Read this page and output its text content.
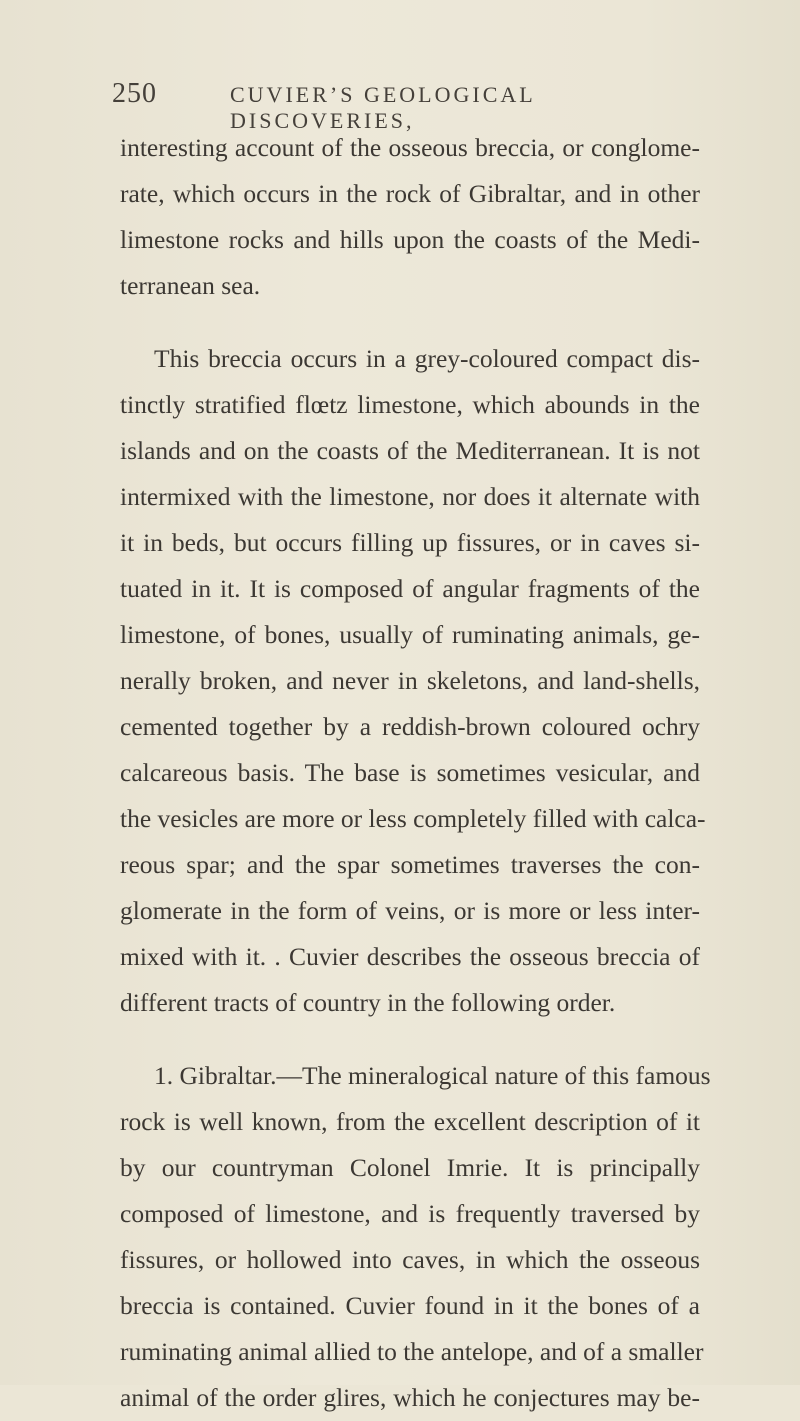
250	CUVIER’S GEOLOGICAL DISCOVERIES,
interesting account of the osseous breccia, or conglome-
rate, which occurs in the rock of Gibraltar, and in other
limestone rocks and hills upon the coasts of the Medi-
terranean sea.
This breccia occurs in a grey-coloured compact dis-
tinctly stratified flœtz limestone, which abounds in the
islands and on the coasts of the Mediterranean. It is not
intermixed with the limestone, nor does it alternate with
it in beds, but occurs filling up fissures, or in caves si-
tuated in it. It is composed of angular fragments of the
limestone, of bones, usually of ruminating animals, ge-
nerally broken, and never in skeletons, and land-shells,
cemented together by a reddish-brown coloured ochry
calcareous basis. The base is sometimes vesicular, and
the vesicles are more or less completely filled with calca-
reous spar; and the spar sometimes traverses the con-
glomerate in the form of veins, or is more or less inter-
mixed with it. . Cuvier describes the osseous breccia of
different tracts of country in the following order.
1. Gibraltar.—The mineralogical nature of this famous
rock is well known, from the excellent description of it
by our countryman Colonel Imrie. It is principally
composed of limestone, and is frequently traversed by
fissures, or hollowed into caves, in which the osseous
breccia is contained. Cuvier found in it the bones of a
ruminating animal allied to the antelope, and of a smaller
animal of the order glires, which he conjectures may be-
